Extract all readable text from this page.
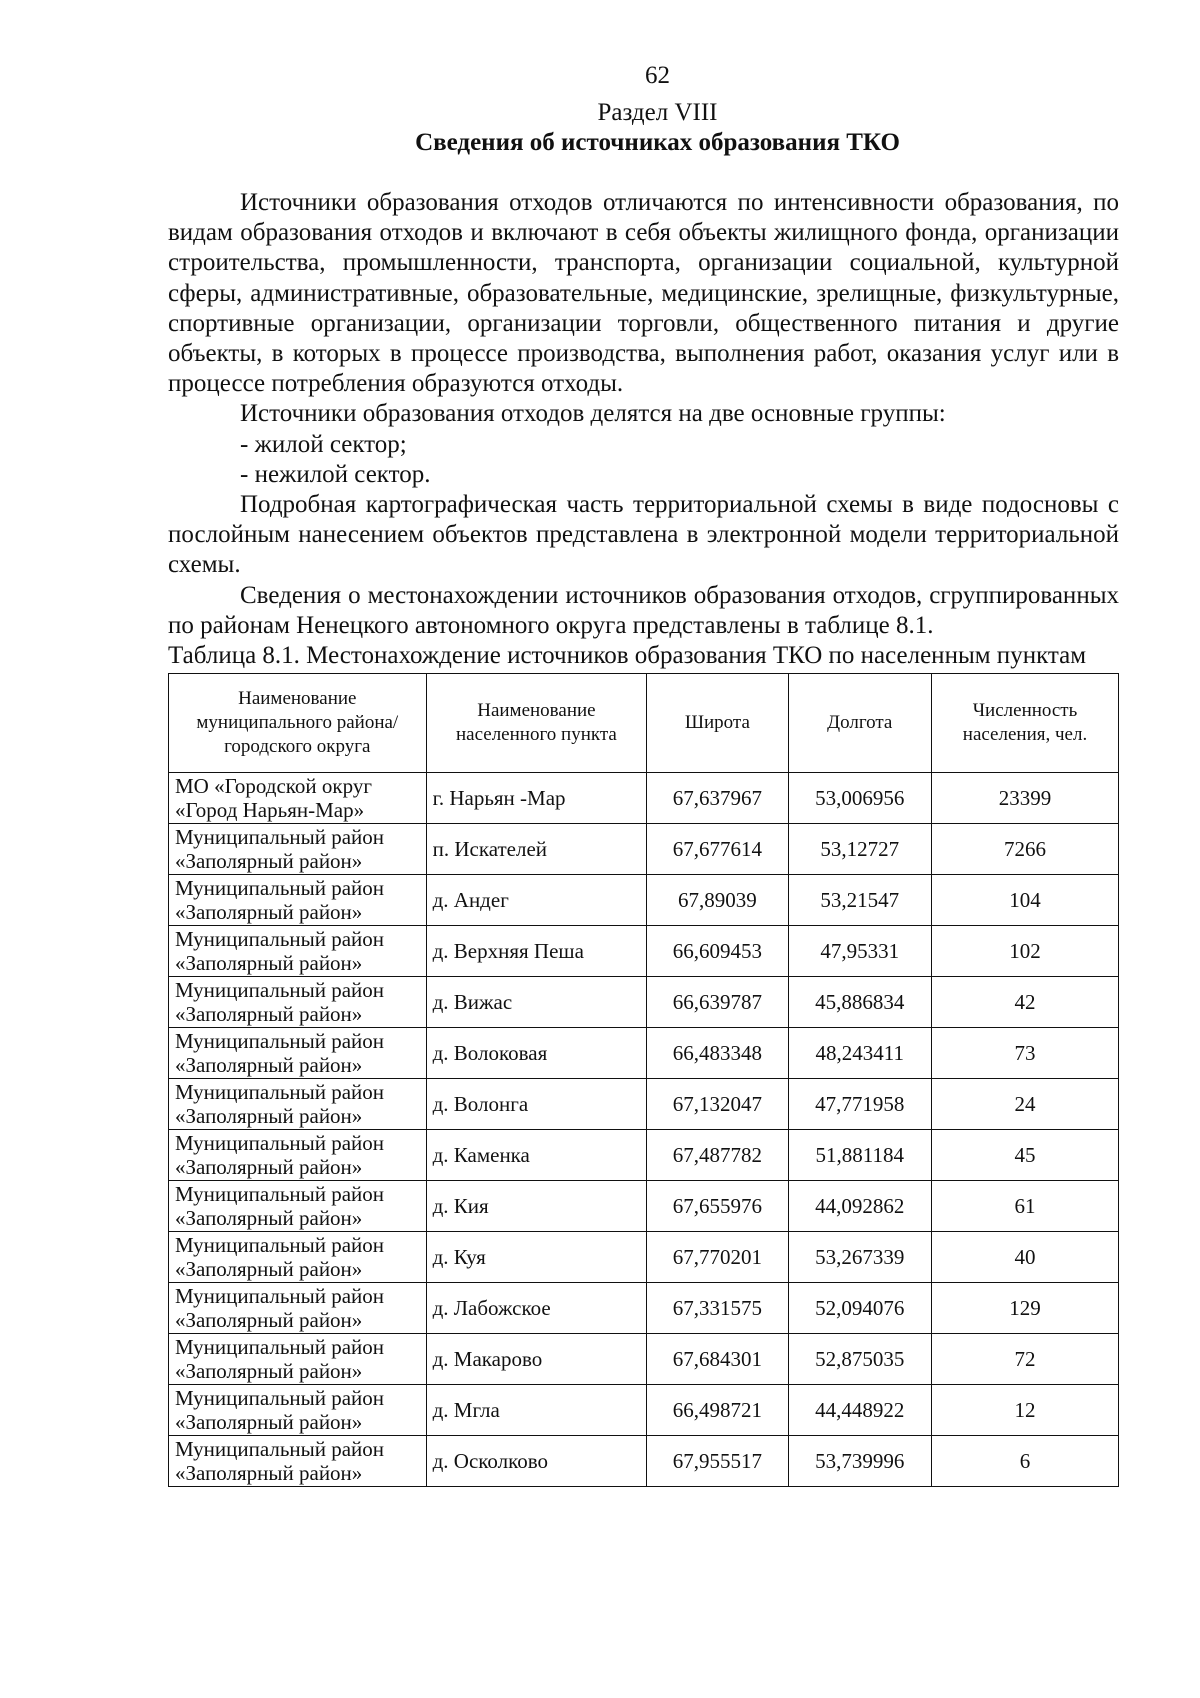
62
Раздел VIII
Сведения об источниках образования ТКО

Источники образования отходов отличаются по интенсивности образования, по видам образования отходов и включают в себя объекты жилищного фонда, организации строительства, промышленности, транспорта, организации социальной, культурной сферы, административные, образовательные, медицинские, зрелищные, физкультурные, спортивные организации, организации торговли, общественного питания и другие объекты, в которых в процессе производства, выполнения работ, оказания услуг или в процессе потребления образуются отходы.

Источники образования отходов делятся на две основные группы:

- жилой сектор;

- нежилой сектор.

Подробная картографическая часть территориальной схемы в виде подосновы с послойным нанесением объектов представлена в электронной модели территориальной схемы.

Сведения о местонахождении источников образования отходов, сгруппированных по районам Ненецкого автономного округа представлены в таблице 8.1.

Таблица 8.1. Местонахождение источников образования ТКО по населенным пунктам

Наименование муниципального района/городского округа	Наименование населенного пункта	Широта	Долгота	Численность населения, чел.
МО «Городской округ «Город Нарьян-Мар»	г. Нарьян -Мар	67,637967	53,006956	23399
Муниципальный район «Заполярный район»	п. Искателей	67,677614	53,12727	7266
Муниципальный район «Заполярный район»	д. Андег	67,89039	53,21547	104
Муниципальный район «Заполярный район»	д. Верхняя Пеша	66,609453	47,95331	102
Муниципальный район «Заполярный район»	д. Вижас	66,639787	45,886834	42
Муниципальный район «Заполярный район»	д. Волоковая	66,483348	48,243411	73
Муниципальный район «Заполярный район»	д. Волонга	67,132047	47,771958	24
Муниципальный район «Заполярный район»	д. Каменка	67,487782	51,881184	45
Муниципальный район «Заполярный район»	д. Кия	67,655976	44,092862	61
Муниципальный район «Заполярный район»	д. Куя	67,770201	53,267339	40
Муниципальный район «Заполярный район»	д. Лабожское	67,331575	52,094076	129
Муниципальный район «Заполярный район»	д. Макарово	67,684301	52,875035	72
Муниципальный район «Заполярный район»	д. Мгла	66,498721	44,448922	12
Муниципальный район «Заполярный район»	д. Осколково	67,955517	53,739996	6
